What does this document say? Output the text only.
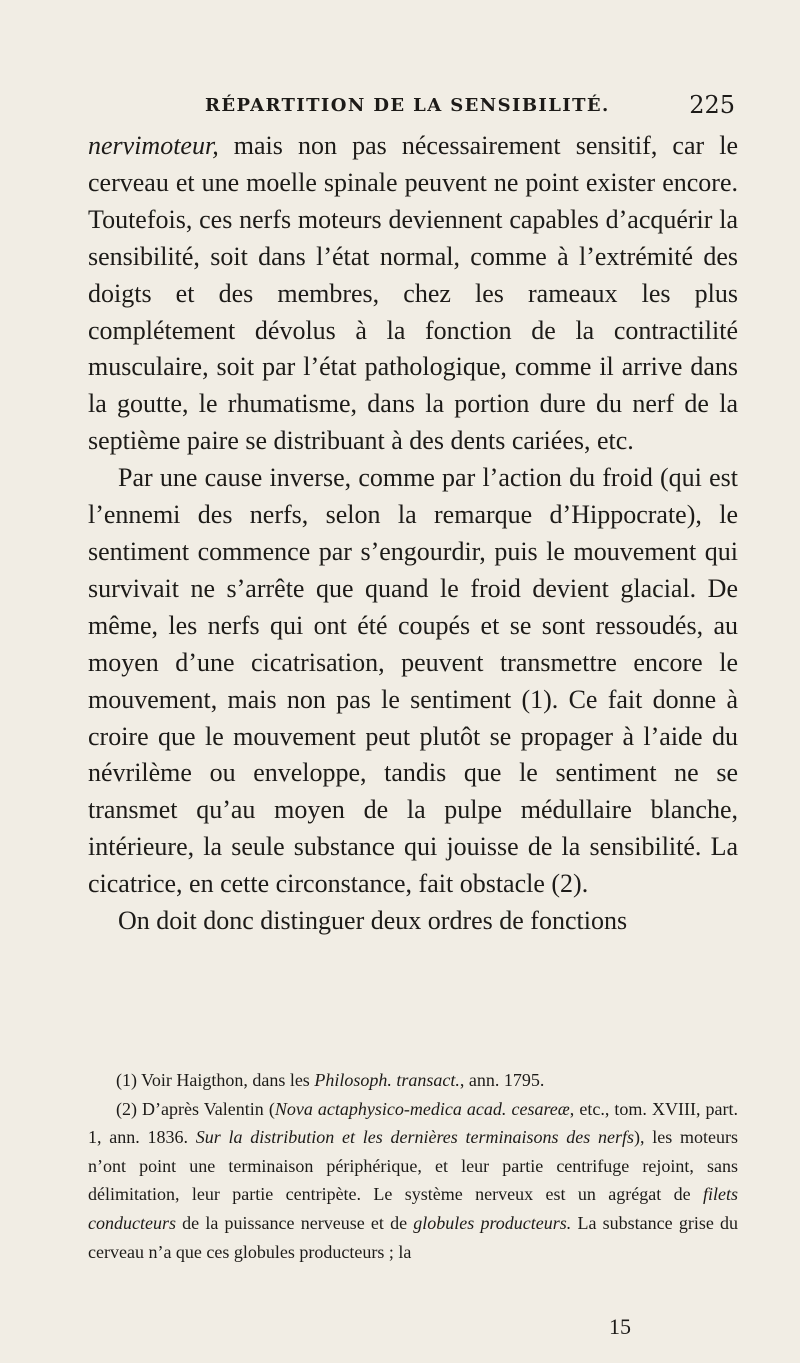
RÉPARTITION DE LA SENSIBILITÉ.	225

nervimoteur, mais non pas nécessairement sensitif, car le cerveau et une moelle spinale peuvent ne point exister encore. Toutefois, ces nerfs moteurs deviennent capables d’acquérir la sensibilité, soit dans l’état normal, comme à l’extrémité des doigts et des membres, chez les rameaux les plus complétement dévolus à la fonction de la contractilité musculaire, soit par l’état pathologique, comme il arrive dans la goutte, le rhumatisme, dans la portion dure du nerf de la septième paire se distribuant à des dents cariées, etc.

Par une cause inverse, comme par l’action du froid (qui est l’ennemi des nerfs, selon la remarque d’Hippocrate), le sentiment commence par s’engourdir, puis le mouvement qui survivait ne s’arrête que quand le froid devient glacial. De même, les nerfs qui ont été coupés et se sont ressoudés, au moyen d’une cicatrisation, peuvent transmettre encore le mouvement, mais non pas le sentiment (1). Ce fait donne à croire que le mouvement peut plutôt se propager à l’aide du névrilème ou enveloppe, tandis que le sentiment ne se transmet qu’au moyen de la pulpe médullaire blanche, intérieure, la seule substance qui jouisse de la sensibilité. La cicatrice, en cette circonstance, fait obstacle (2).

On doit donc distinguer deux ordres de fonctions

(1) Voir Haigthon, dans les Philosoph. transact., ann. 1795.

(2) D’après Valentin (Nova actaphysico-medica acad. cesareæ, etc., tom. XVIII, part. 1, ann. 1836. Sur la distribution et les dernières terminaisons des nerfs), les moteurs n’ont point une terminaison périphérique, et leur partie centrifuge rejoint, sans délimitation, leur partie centripète. Le système nerveux est un agrégat de filets conducteurs de la puissance nerveuse et de globules producteurs. La substance grise du cerveau n’a que ces globules producteurs ; la

15
